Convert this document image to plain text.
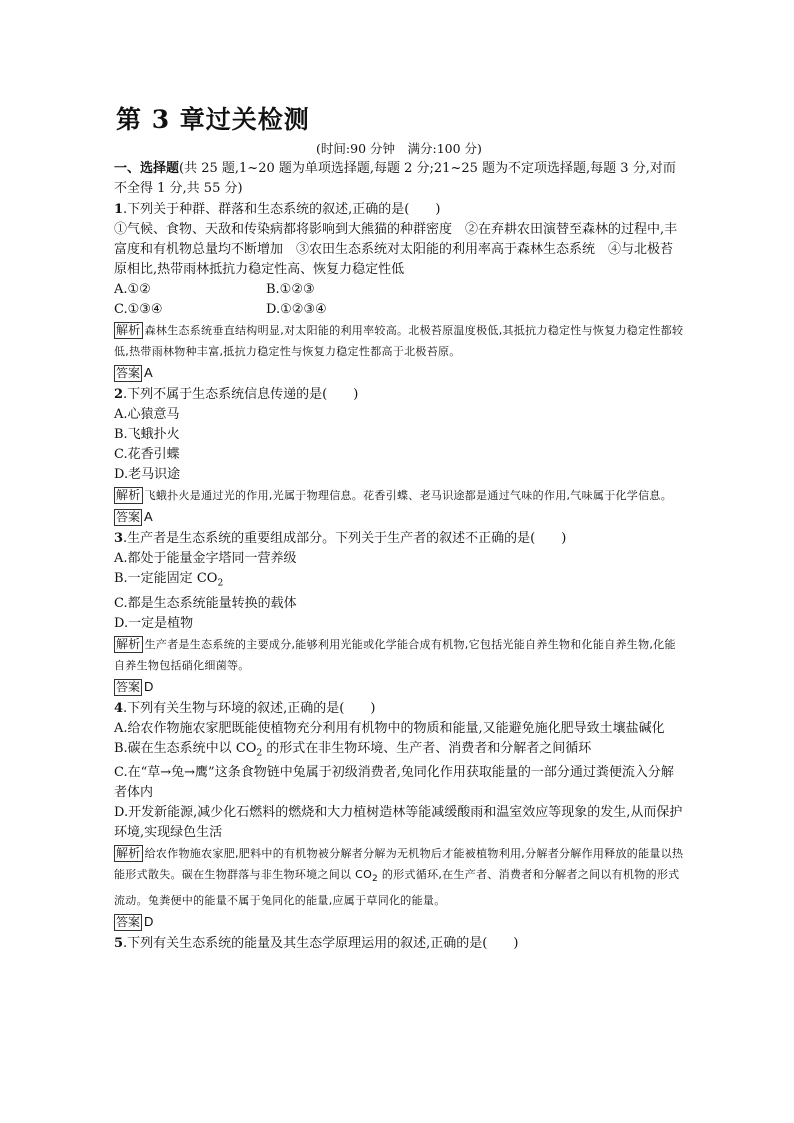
第 3 章过关检测
(时间:90 分钟　满分:100 分)
一、选择题(共 25 题,1~20 题为单项选择题,每题 2 分;21~25 题为不定项选择题,每题 3 分,对而不全得 1 分,共 55 分)
1.下列关于种群、群落和生态系统的叙述,正确的是(　　)
①气候、食物、天敌和传染病都将影响到大熊猫的种群密度　②在弃耕农田演替至森林的过程中,丰富度和有机物总量均不断增加　③农田生态系统对太阳能的利用率高于森林生态系统　④与北极苔原相比,热带雨林抵抗力稳定性高、恢复力稳定性低
A.①②	B.①②③
C.①③④	D.①②③④
解析 森林生态系统垂直结构明显,对太阳能的利用率较高。北极苔原温度极低,其抵抗力稳定性与恢复力稳定性都较低,热带雨林物种丰富,抵抗力稳定性与恢复力稳定性都高于北极苔原。
答案 A
2.下列不属于生态系统信息传递的是(　　)
A.心猿意马
B.飞蛾扑火
C.花香引蝶
D.老马识途
解析 飞蛾扑火是通过光的作用,光属于物理信息。花香引蝶、老马识途都是通过气味的作用,气味属于化学信息。
答案 A
3.生产者是生态系统的重要组成部分。下列关于生产者的叙述不正确的是(　　)
A.都处于能量金字塔同一营养级
B.一定能固定 $CO_2$
C.都是生态系统能量转换的载体
D.一定是植物
解析 生产者是生态系统的主要成分,能够利用光能或化学能合成有机物,它包括光能自养生物和化能自养生物,化能自养生物包括硝化细菌等。
答案 D
4.下列有关生物与环境的叙述,正确的是(　　)
A.给农作物施农家肥既能使植物充分利用有机物中的物质和能量,又能避免施化肥导致土壤盐碱化
B.碳在生态系统中以 $CO_2$ 的形式在非生物环境、生产者、消费者和分解者之间循环
C.在“草→兔→鹰”这条食物链中兔属于初级消费者,兔同化作用获取能量的一部分通过粪便流入分解者体内
D.开发新能源,减少化石燃料的燃烧和大力植树造林等能减缓酸雨和温室效应等现象的发生,从而保护环境,实现绿色生活
解析 给农作物施农家肥,肥料中的有机物被分解者分解为无机物后才能被植物利用,分解者分解作用释放的能量以热能形式散失。碳在生物群落与非生物环境之间以 $CO_2$ 的形式循环,在生产者、消费者和分解者之间以有机物的形式流动。兔粪便中的能量不属于兔同化的能量,应属于草同化的能量。
答案 D
5.下列有关生态系统的能量及其生态学原理运用的叙述,正确的是(　　)
